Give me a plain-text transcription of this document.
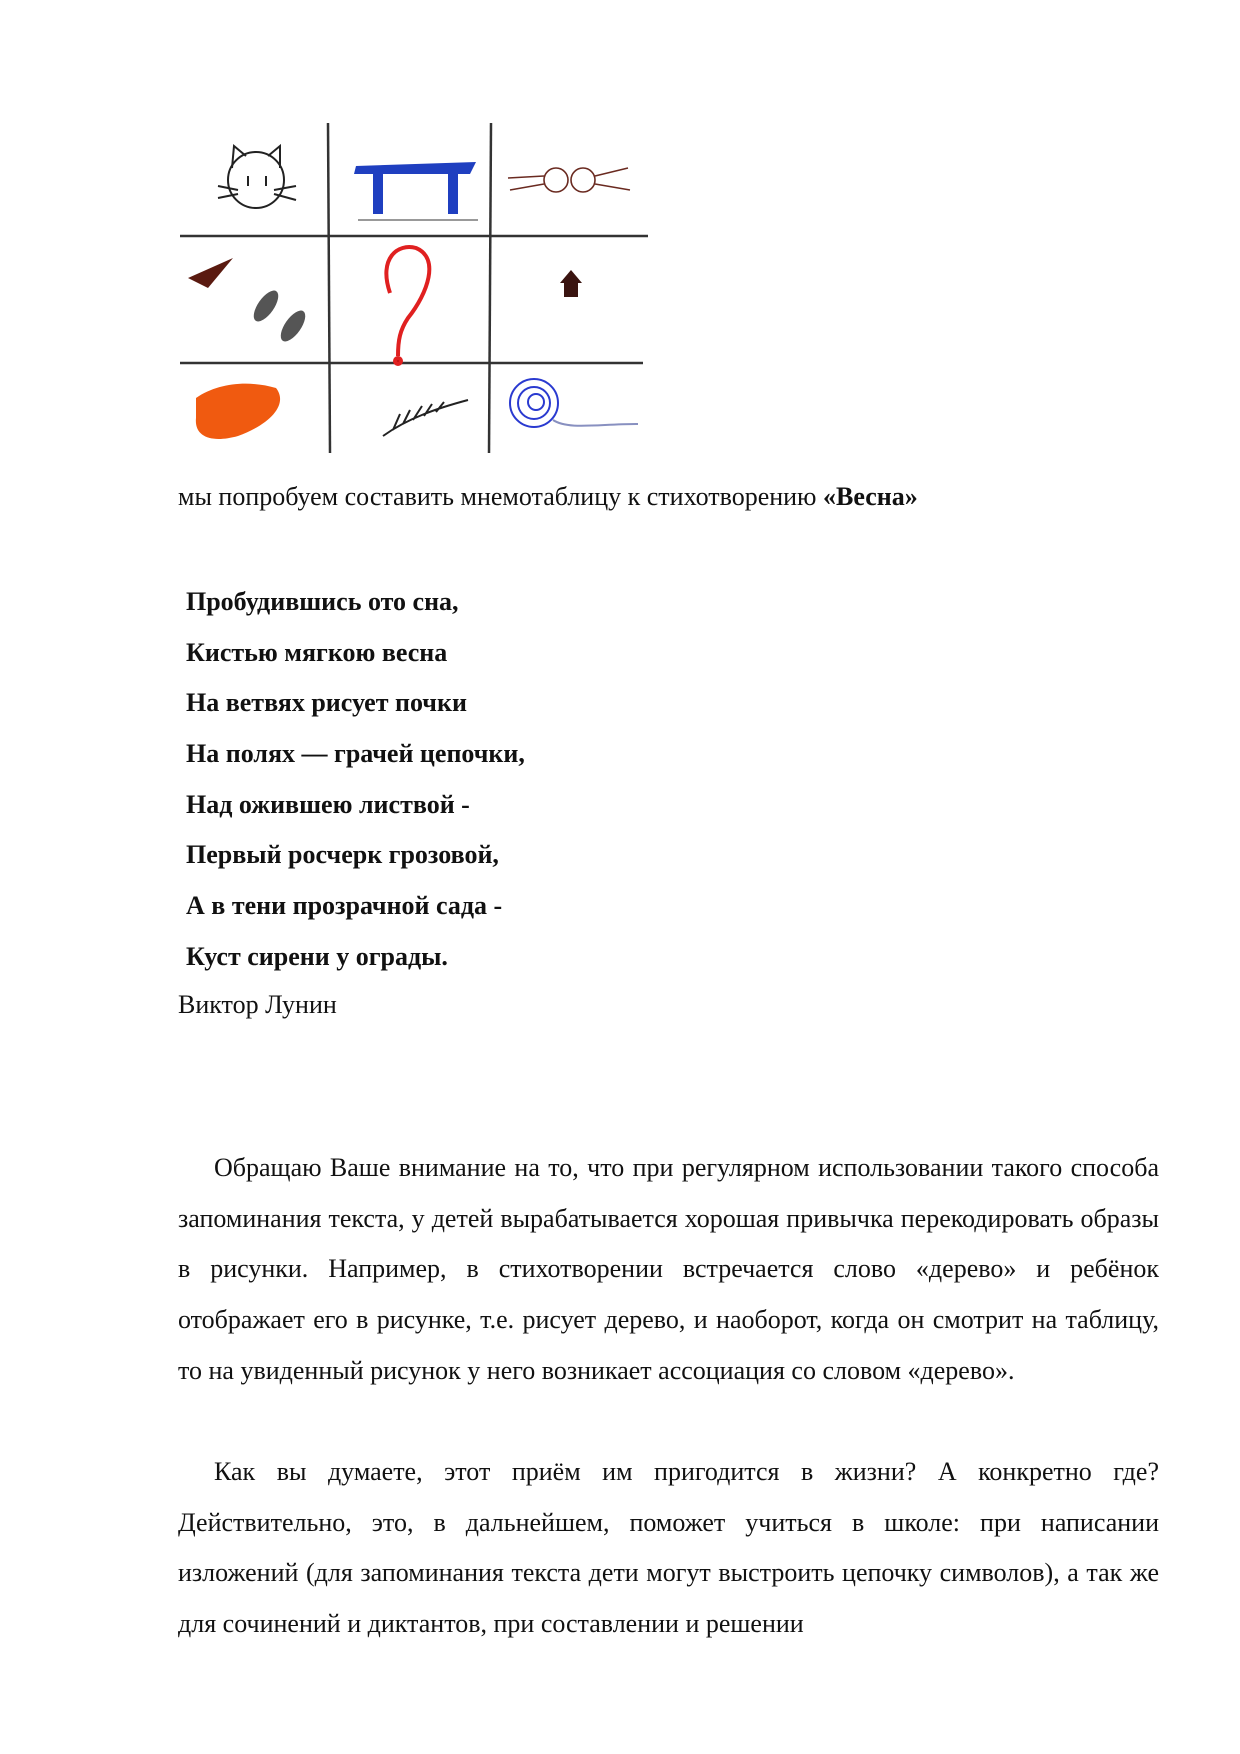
мы попробуем составить мнемотаблицу к стихотворению «Весна»
Пробудившись ото сна,
Кистью мягкою весна
На ветвях рисует почки
На полях — грачей цепочки,
Над ожившею листвой -
Первый росчерк грозовой,
А в тени прозрачной сада -
Куст сирени у ограды.
Виктор Лунин

Обращаю Ваше внимание на то, что при регулярном использовании такого способа запоминания текста, у детей вырабатывается хорошая привычка перекодировать образы в рисунки. Например, в стихотворении встречается слово «дерево» и ребёнок отображает его в рисунке, т.е. рисует дерево, и наоборот, когда он смотрит на таблицу, то на увиденный рисунок у него возникает ассоциация со словом «дерево».

Как вы думаете, этот приём им пригодится в жизни? А конкретно где? Действительно, это, в дальнейшем, поможет учиться в школе: при написании изложений (для запоминания текста дети могут выстроить цепочку символов), а так же для сочинений и диктантов, при составлении и решении
